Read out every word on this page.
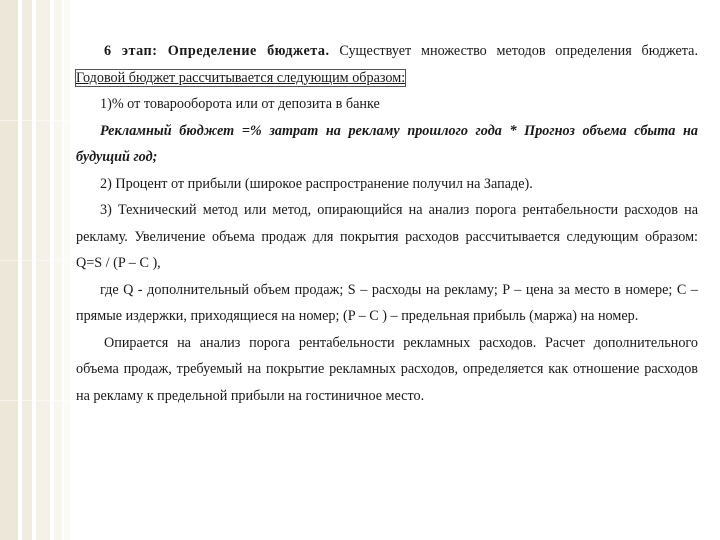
6 этап: Определение бюджета. Существует множество методов определения бюджета. Годовой бюджет рассчитывается следующим образом:

1)% от товарооборота или от депозита в банке

Рекламный бюджет =% затрат на рекламу прошлого года * Прогноз объема сбыта на будущий год;

2) Процент от прибыли (широкое распространение получил на Западе).

3) Технический метод или метод, опирающийся на анализ порога рентабельности расходов на рекламу. Увеличение объема продаж для покрытия расходов рассчитывается следующим образом: Q=S / (P – C ),

где Q - дополнительный объем продаж; S – расходы на рекламу; P – цена за место в номере; С – прямые издержки, приходящиеся на номер; (P – C ) – предельная прибыль (маржа) на номер.

Опирается на анализ порога рентабельности рекламных расходов. Расчет дополнительного объема продаж, требуемый на покрытие рекламных расходов, определяется как отношение расходов на рекламу к предельной прибыли на гостиничное место.
